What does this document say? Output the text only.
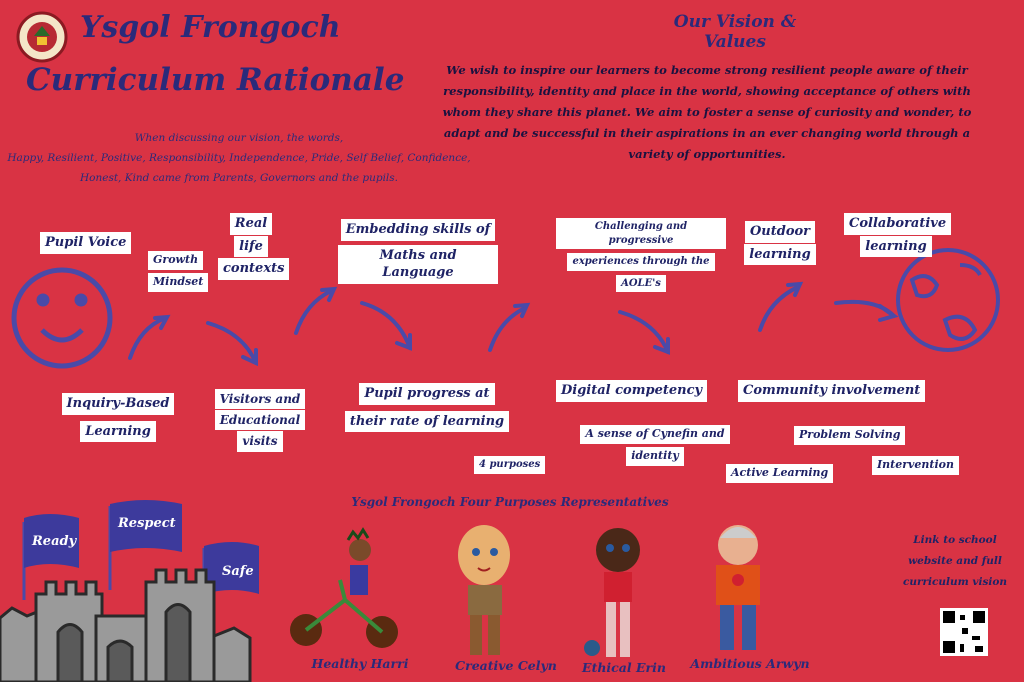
Ysgol Frongoch
Curriculum Rationale
Our Vision &
Values
We wish to inspire our learners to become strong resilient people aware of their responsibility, identity and place in the world, showing acceptance of others with whom they share this planet. We aim to foster a sense of curiosity and wonder, to adapt and be successful in their aspirations in an ever changing world through a variety of opportunities.
When discussing our vision, the words,
Happy, Resilient, Positive, Responsibility, Independence, Pride, Self Belief, Confidence,
Honest, Kind came from Parents, Governors and the pupils.
Pupil Voice
Growth
Mindset
Real
life
contexts
Embedding skills of
Maths and Language
Challenging and progressive
experiences through the
AOLE's
Outdoor
learning
Collaborative
learning
Inquiry-Based
Learning
Visitors and
Educational
visits
Pupil progress at
their rate of learning
Digital competency	Community involvement
A sense of Cynefin and
identity
Problem Solving
4 purposes
Active Learning
Intervention
Ready
Respect
Safe
Ysgol Frongoch Four Purposes Representatives
Healthy Harri	Creative Celyn	Ethical Erin	Ambitious Arwyn
Link to school
website and full
curriculum vision
